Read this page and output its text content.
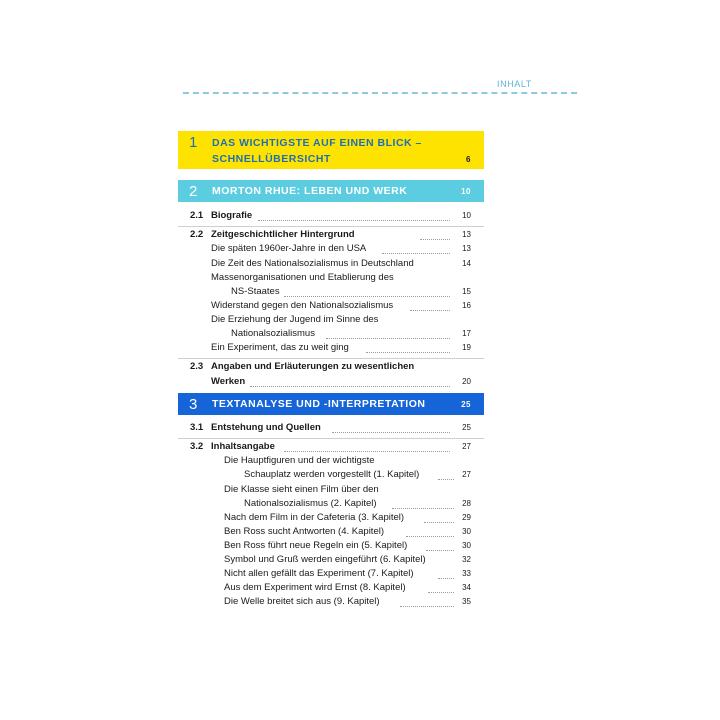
INHALT
1 DAS WICHTIGSTE AUF EINEN BLICK –
SCHNELLÜBERSICHT	6
2 MORTON RHUE: LEBEN UND WERK	10
2.1 Biografie	10
2.2 Zeitgeschichtlicher Hintergrund	13
Die späten 1960er-Jahre in den USA	13
Die Zeit des Nationalsozialismus in Deutschland	14
Massenorganisationen und Etablierung des
NS-Staates	15
Widerstand gegen den Nationalsozialismus	16
Die Erziehung der Jugend im Sinne des
Nationalsozialismus	17
Ein Experiment, das zu weit ging	19
2.3 Angaben und Erläuterungen zu wesentlichen
Werken	20
3 TEXTANALYSE UND -INTERPRETATION	25
3.1 Entstehung und Quellen	25
3.2 Inhaltsangabe	27
Die Hauptfiguren und der wichtigste
Schauplatz werden vorgestellt (1. Kapitel)	27
Die Klasse sieht einen Film über den
Nationalsozialismus (2. Kapitel)	28
Nach dem Film in der Cafeteria (3. Kapitel)	29
Ben Ross sucht Antworten (4. Kapitel)	30
Ben Ross führt neue Regeln ein (5. Kapitel)	30
Symbol und Gruß werden eingeführt (6. Kapitel)	32
Nicht allen gefällt das Experiment (7. Kapitel)	33
Aus dem Experiment wird Ernst (8. Kapitel)	34
Die Welle breitet sich aus (9. Kapitel)	35
